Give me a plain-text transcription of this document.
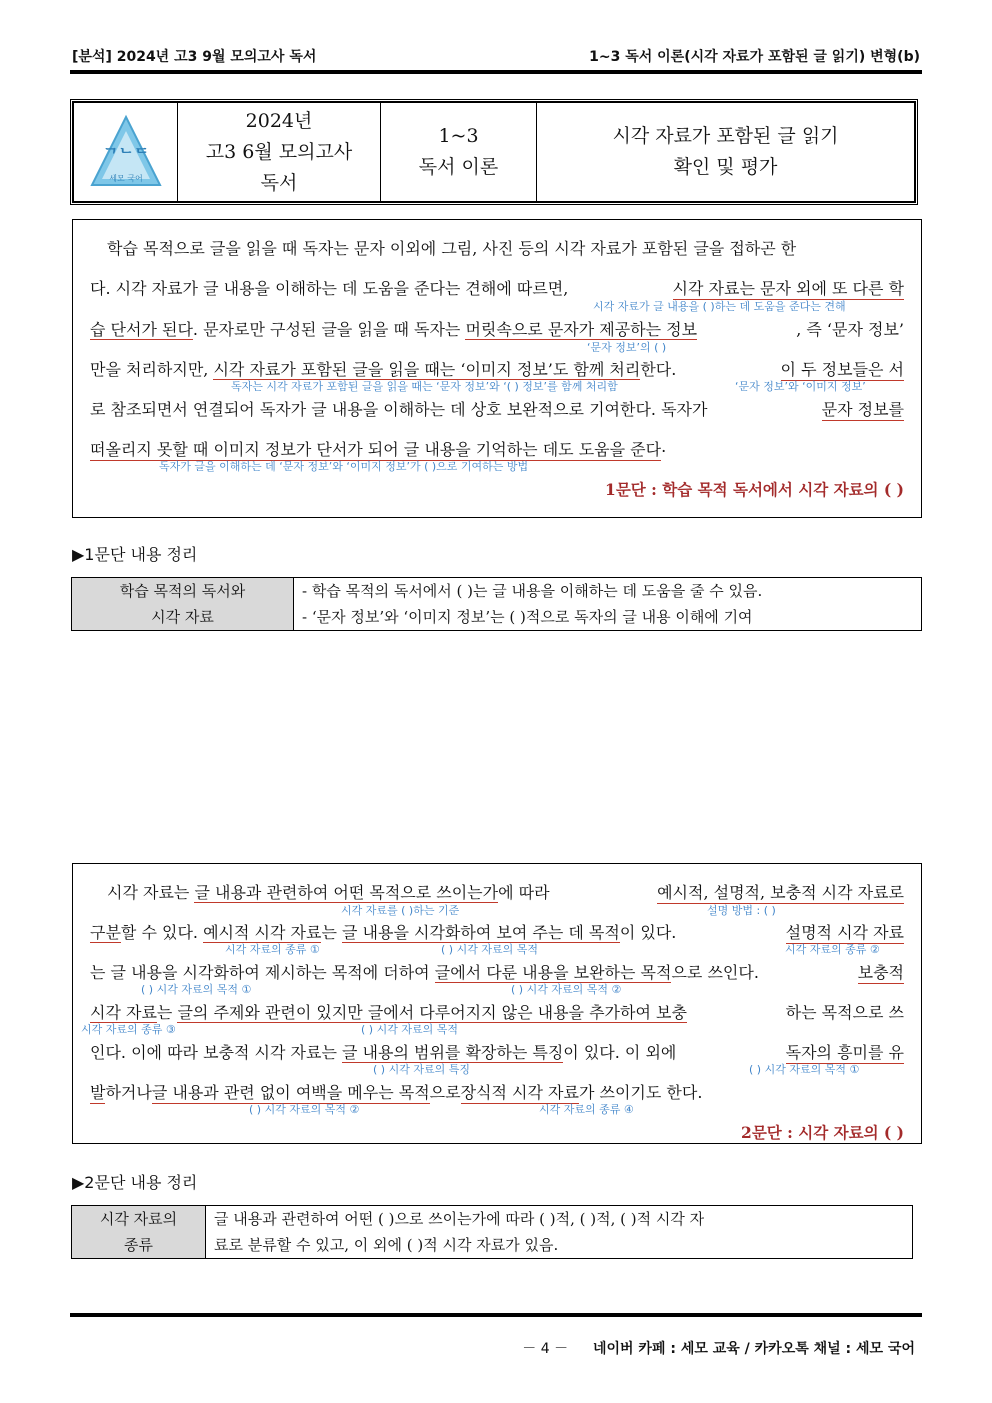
[분석] 2024년 고3 9월 모의고사 독서	1~3 독서 이론(시각 자료가 포함된 글 읽기) 변형(b)
ᄀᄂᄃ
세모 국어

2024년
고3 6월 모의고사
독서

1~3
독서 이론

시각 자료가 포함된 글 읽기
확인 및 평가
학습 목적으로 글을 읽을 때 독자는 문자 이외에 그림, 사진 등의 시각 자료가 포함된 글을 접하곤 한
다. 시각 자료가 글 내용을 이해하는 데 도움을 준다는 견해에 따르면,	시각 자료는 문자 외에 또 다른 학
시각 자료가 글 내용을 ( )하는 데 도움을 준다는 견해
습 단서가 된다. 문자로만 구성된 글을 읽을 때 독자는 머릿속으로 문자가 제공하는 정보	, 즉 ‘문자 정보’
‘문자 정보’의 ( )
만을 처리하지만, 시각 자료가 포함된 글을 읽을 때는 ‘이미지 정보’도 함께 처리한다.	이 두 정보들은 서
독자는 시각 자료가 포함된 글을 읽을 때는 ‘문자 정보’와 ‘( ) 정보’를 함께 처리함	‘문자 정보’와 ‘이미지 정보’
로 참조되면서 연결되어 독자가 글 내용을 이해하는 데 상호 보완적으로 기여한다. 독자가	문자 정보를
떠올리지 못할 때 이미지 정보가 단서가 되어 글 내용을 기억하는 데도 도움을 준다 .
독자가 글을 이해하는 데 ‘문자 정보’와 ‘이미지 정보’가 ( )으로 기여하는 방법
1문단 : 학습 목적 독서에서 시각 자료의 ( )
▶1문단 내용 정리
학습 목적의 독서와
시각 자료
	- 학습 목적의 독서에서 ( )는 글 내용을 이해하는 데 도움을 줄 수 있음.
- ‘문자 정보’와 ‘이미지 정보’는 ( )적으로 독자의 글 내용 이해에 기여
시각 자료는 글 내용과 관련하여 어떤 목적으로 쓰이는가에 따라	예시적, 설명적, 보충적 시각 자료로
시각 자료를 ( )하는 기준	설명 방법 : ( )
구분할 수 있다. 예시적 시각 자료는 글 내용을 시각화하여 보여 주는 데 목적이 있다.	설명적 시각 자료
시각 자료의 종류 ①	( ) 시각 자료의 목적	시각 자료의 종류 ②
는 글 내용을 시각화하여 제시하는 목적에 더하여 글에서 다룬 내용을 보완하는 목적으로 쓰인다.	보충적
( ) 시각 자료의 목적 ①	( ) 시각 자료의 목적 ②
시각 자료는 글의 주제와 관련이 있지만 글에서 다루어지지 않은 내용을 추가하여 보충	하는 목적으로 쓰
시각 자료의 종류 ③	( ) 시각 자료의 목적
인다. 이에 따라 보충적 시각 자료는 글 내용의 범위를 확장하는 특징이 있다. 이 외에	독자의 흥미를 유
( ) 시각 자료의 특징	( ) 시각 자료의 목적 ①
발 하거나 글 내용과 관련 없이 여백을 메우는 목적 으로 장식적 시각 자료 가 쓰이기도 한다.
( ) 시각 자료의 목적 ②	시각 자료의 종류 ④
2문단 : 시각 자료의 ( )
▶2문단 내용 정리
시각 자료의
종류
	글 내용과 관련하여 어떤 ( )으로 쓰이는가에 따라 ( )적, ( )적, ( )적 시각 자
료로 분류할 수 있고, 이 외에 ( )적 시각 자료가 있음.
－ 4 － 네이버 카페 : 세모 교육 / 카카오톡 채널 : 세모 국어
